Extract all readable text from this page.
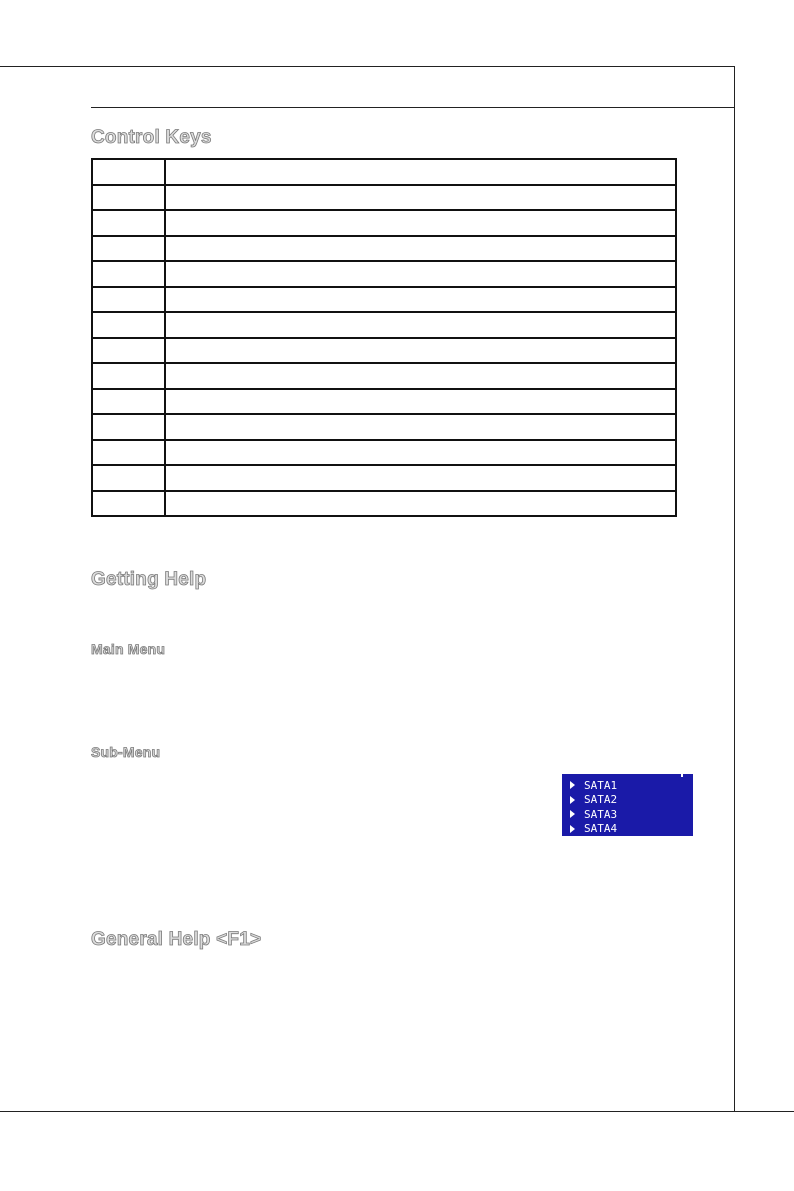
Control Keys

Getting Help
Main Menu
Sub-Menu
SATA1
SATA2
SATA3
SATA4
General Help <F1>
